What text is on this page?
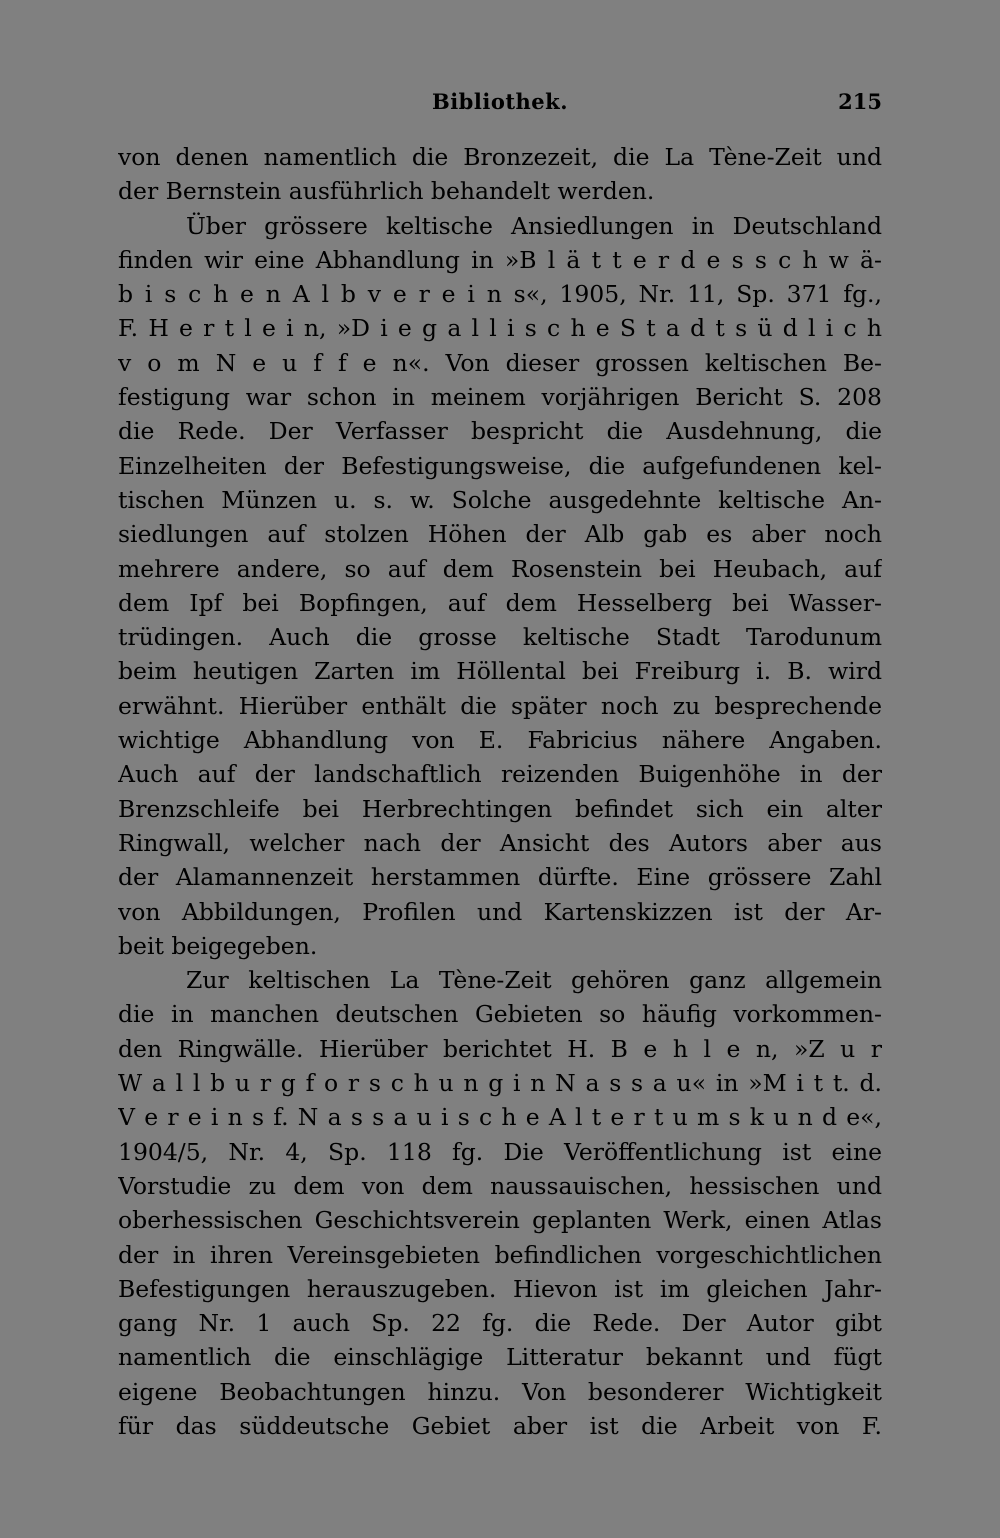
Bibliothek.	215
von denen namentlich die Bronzezeit, die La Tène-Zeit und
der Bernstein ausführlich behandelt werden.
Über grössere keltische Ansiedlungen in Deutschland
finden wir eine Abhandlung in »B l ä t t e r d e s s c h w ä-
b i s c h e n A l b v e r e i n s«, 1905, Nr. 11, Sp. 371 fg.,
F. H e r t l e i n, »D i e g a l l i s c h e S t a d t s ü d l i c h
v o m N e u f f e n«. Von dieser grossen keltischen Be-
festigung war schon in meinem vorjährigen Bericht S. 208
die Rede. Der Verfasser bespricht die Ausdehnung, die
Einzelheiten der Befestigungsweise, die aufgefundenen kel-
tischen Münzen u. s. w. Solche ausgedehnte keltische An-
siedlungen auf stolzen Höhen der Alb gab es aber noch
mehrere andere, so auf dem Rosenstein bei Heubach, auf
dem Ipf bei Bopfingen, auf dem Hesselberg bei Wasser-
trüdingen. Auch die grosse keltische Stadt Tarodunum
beim heutigen Zarten im Höllental bei Freiburg i. B. wird
erwähnt. Hierüber enthält die später noch zu besprechende
wichtige Abhandlung von E. Fabricius nähere Angaben.
Auch auf der landschaftlich reizenden Buigenhöhe in der
Brenzschleife bei Herbrechtingen befindet sich ein alter
Ringwall, welcher nach der Ansicht des Autors aber aus
der Alamannenzeit herstammen dürfte. Eine grössere Zahl
von Abbildungen, Profilen und Kartenskizzen ist der Ar-
beit beigegeben.
Zur keltischen La Tène-Zeit gehören ganz allgemein
die in manchen deutschen Gebieten so häufig vorkommen-
den Ringwälle. Hierüber berichtet H. B e h l e n, »Z u r
W a l l b u r g f o r s c h u n g i n N a s s a u« in »M i t t. d.
V e r e i n s f. N a s s a u i s c h e A l t e r t u m s k u n d e«,
1904/5, Nr. 4, Sp. 118 fg. Die Veröffentlichung ist eine
Vorstudie zu dem von dem naussauischen, hessischen und
oberhessischen Geschichtsverein geplanten Werk, einen Atlas
der in ihren Vereinsgebieten befindlichen vorgeschichtlichen
Befestigungen herauszugeben. Hievon ist im gleichen Jahr-
gang Nr. 1 auch Sp. 22 fg. die Rede. Der Autor gibt
namentlich die einschlägige Litteratur bekannt und fügt
eigene Beobachtungen hinzu. Von besonderer Wichtigkeit
für das süddeutsche Gebiet aber ist die Arbeit von F.
